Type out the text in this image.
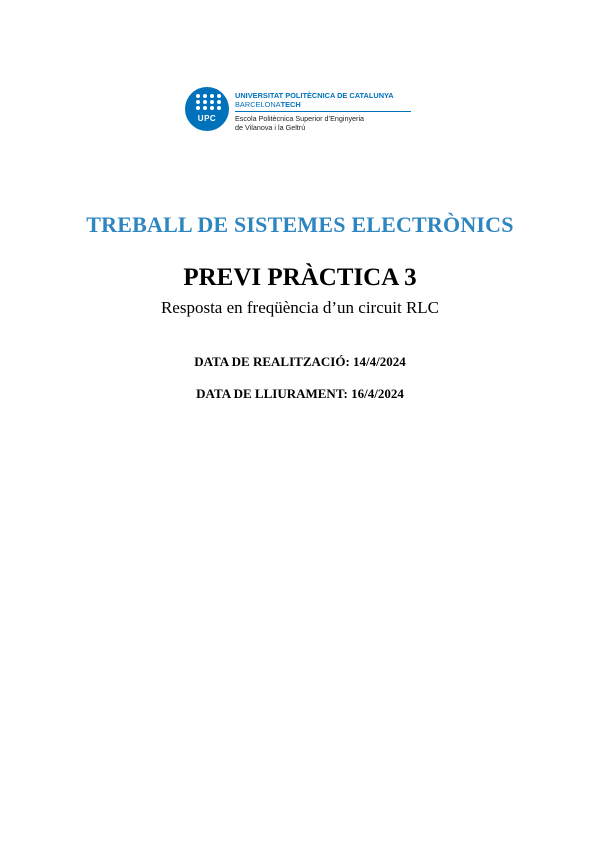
UPC
UNIVERSITAT POLITÈCNICA DE CATALUNYA
BARCELONATECH
Escola Politècnica Superior d’Enginyeria
de Vilanova i la Geltrú
TREBALL DE SISTEMES ELECTRÒNICS
PREVI PRÀCTICA 3
Resposta en freqüència d’un circuit RLC
DATA DE REALITZACIÓ: 14/4/2024
DATA DE LLIURAMENT: 16/4/2024
